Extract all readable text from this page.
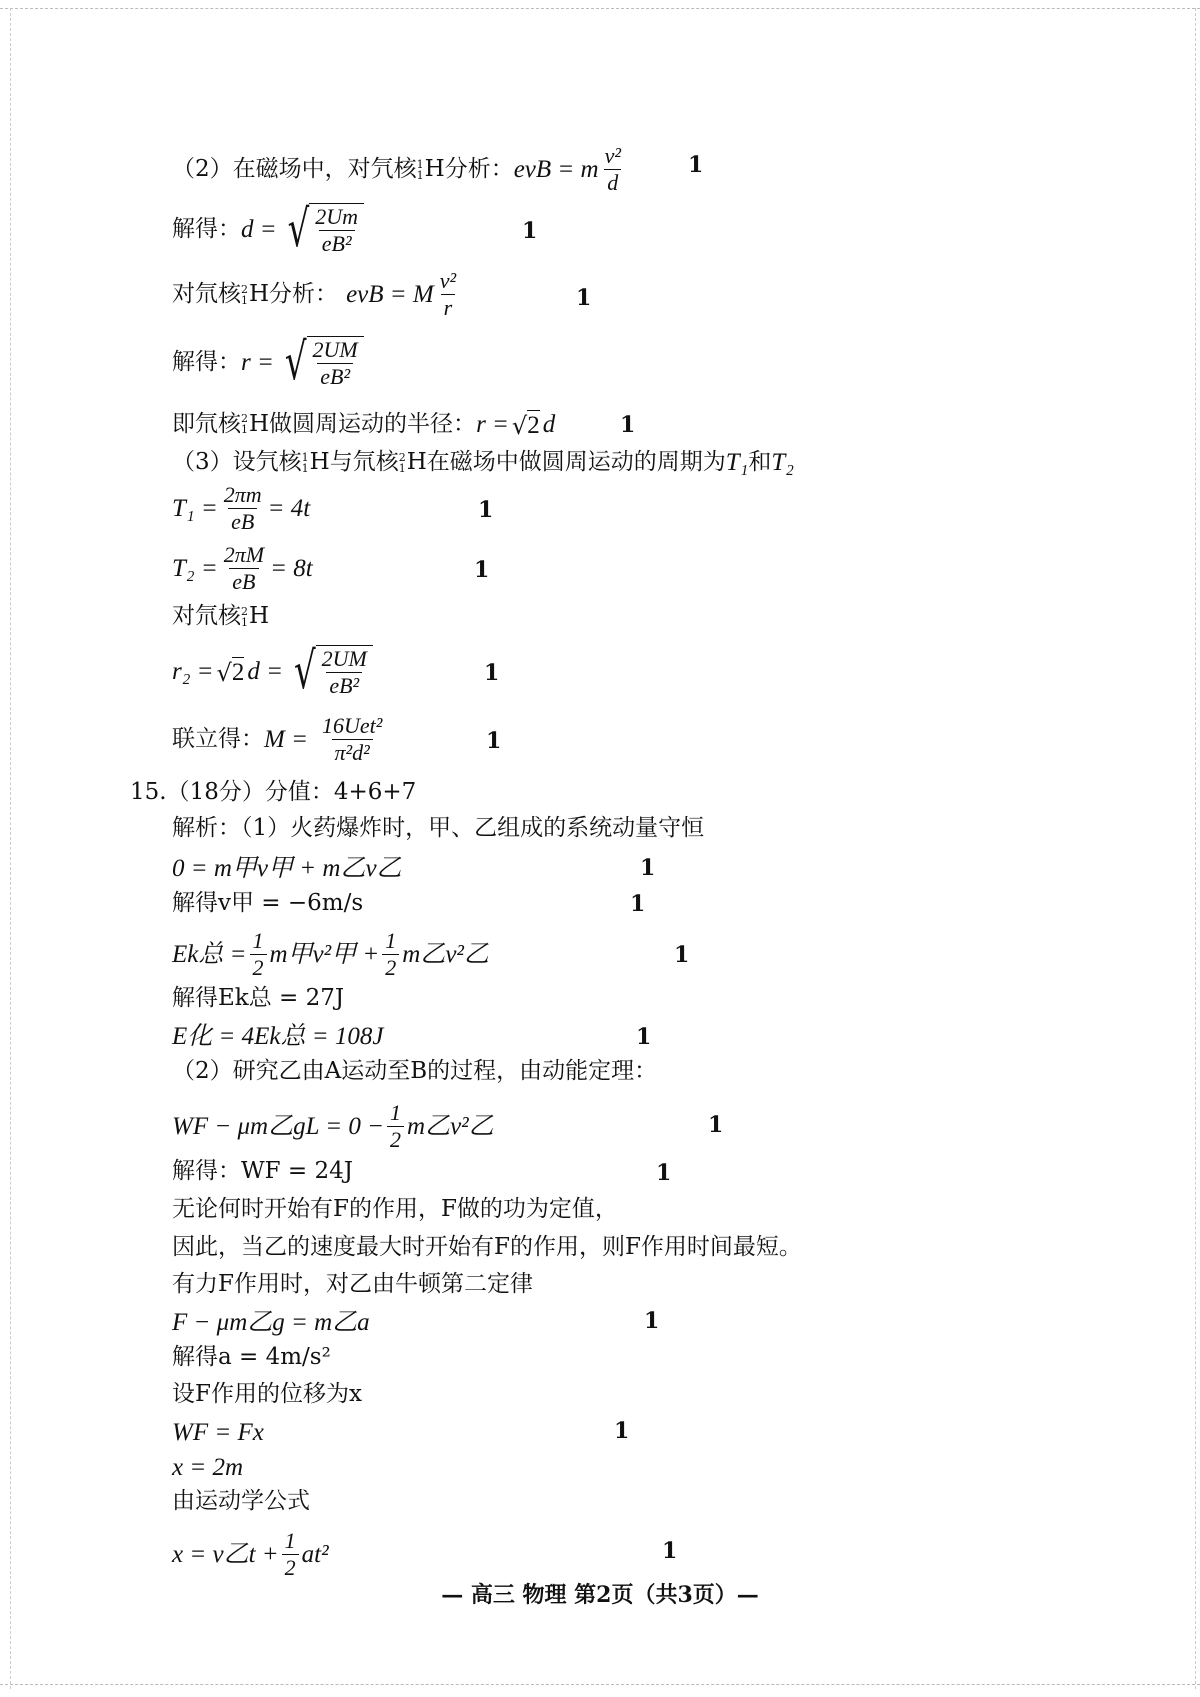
（2）在磁场中，对氕核 1
1 H分析： evB = m $\frac{\text{v²}}{d}$	1
解得： d = √ $\frac{2Um}{\text{eB²}}$	1
对氘核 2
1 H分析： evB = M $\frac{\text{v²}}{r}$	1
解得： r = √ $\frac{2UM}{\text{eB²}}$
即氘核 2
1 H做圆周运动的半径： r = √ 2 d	1
（3）设氕核 1
1 H与氘核 2
1 H在磁场中做圆周运动的周期为 T₁ 和 T₂
$T_1 = \frac{2\pi m}{eB} = 4t$	1
$T_2 = \frac{2\pi M}{eB} = 8t$	1
对氘核 2
1 H
r₂ = √ 2 d = √ $\frac{2UM}{\text{eB²}}$	1
联立得： $M = \frac{\text{16Uet²}}{\text{π²d²}}$	1
15.（18分）分值：4+6+7
解析：（1）火药爆炸时，甲、乙组成的系统动量守恒
0 = m甲v甲 + m乙v乙	1
解得v甲 = −6m/s	1
Ek总 = $\frac{1}{2}$ m甲v²甲 + $\frac{1}{2}$ m乙v²乙	1
解得Ek总 = 27J
E化 = 4Ek总 = 108J	1
（2）研究乙由A运动至B的过程，由动能定理：
WF − μm乙gL = $0 - \frac{1}{2}$ m乙v²乙	1
解得：WF = 24J	1
无论何时开始有F的作用，F做的功为定值，
因此，当乙的速度最大时开始有F的作用，则F作用时间最短。
有力F作用时，对乙由牛顿第二定律
F − μm乙g = m乙a	1
解得a = 4m/s²
设F作用的位移为x
WF = Fx	1
x = 2m
由运动学公式
x = v乙$t + \frac{1}{2} at^2$	1
— 高三 物理 第2页（共3页）—
